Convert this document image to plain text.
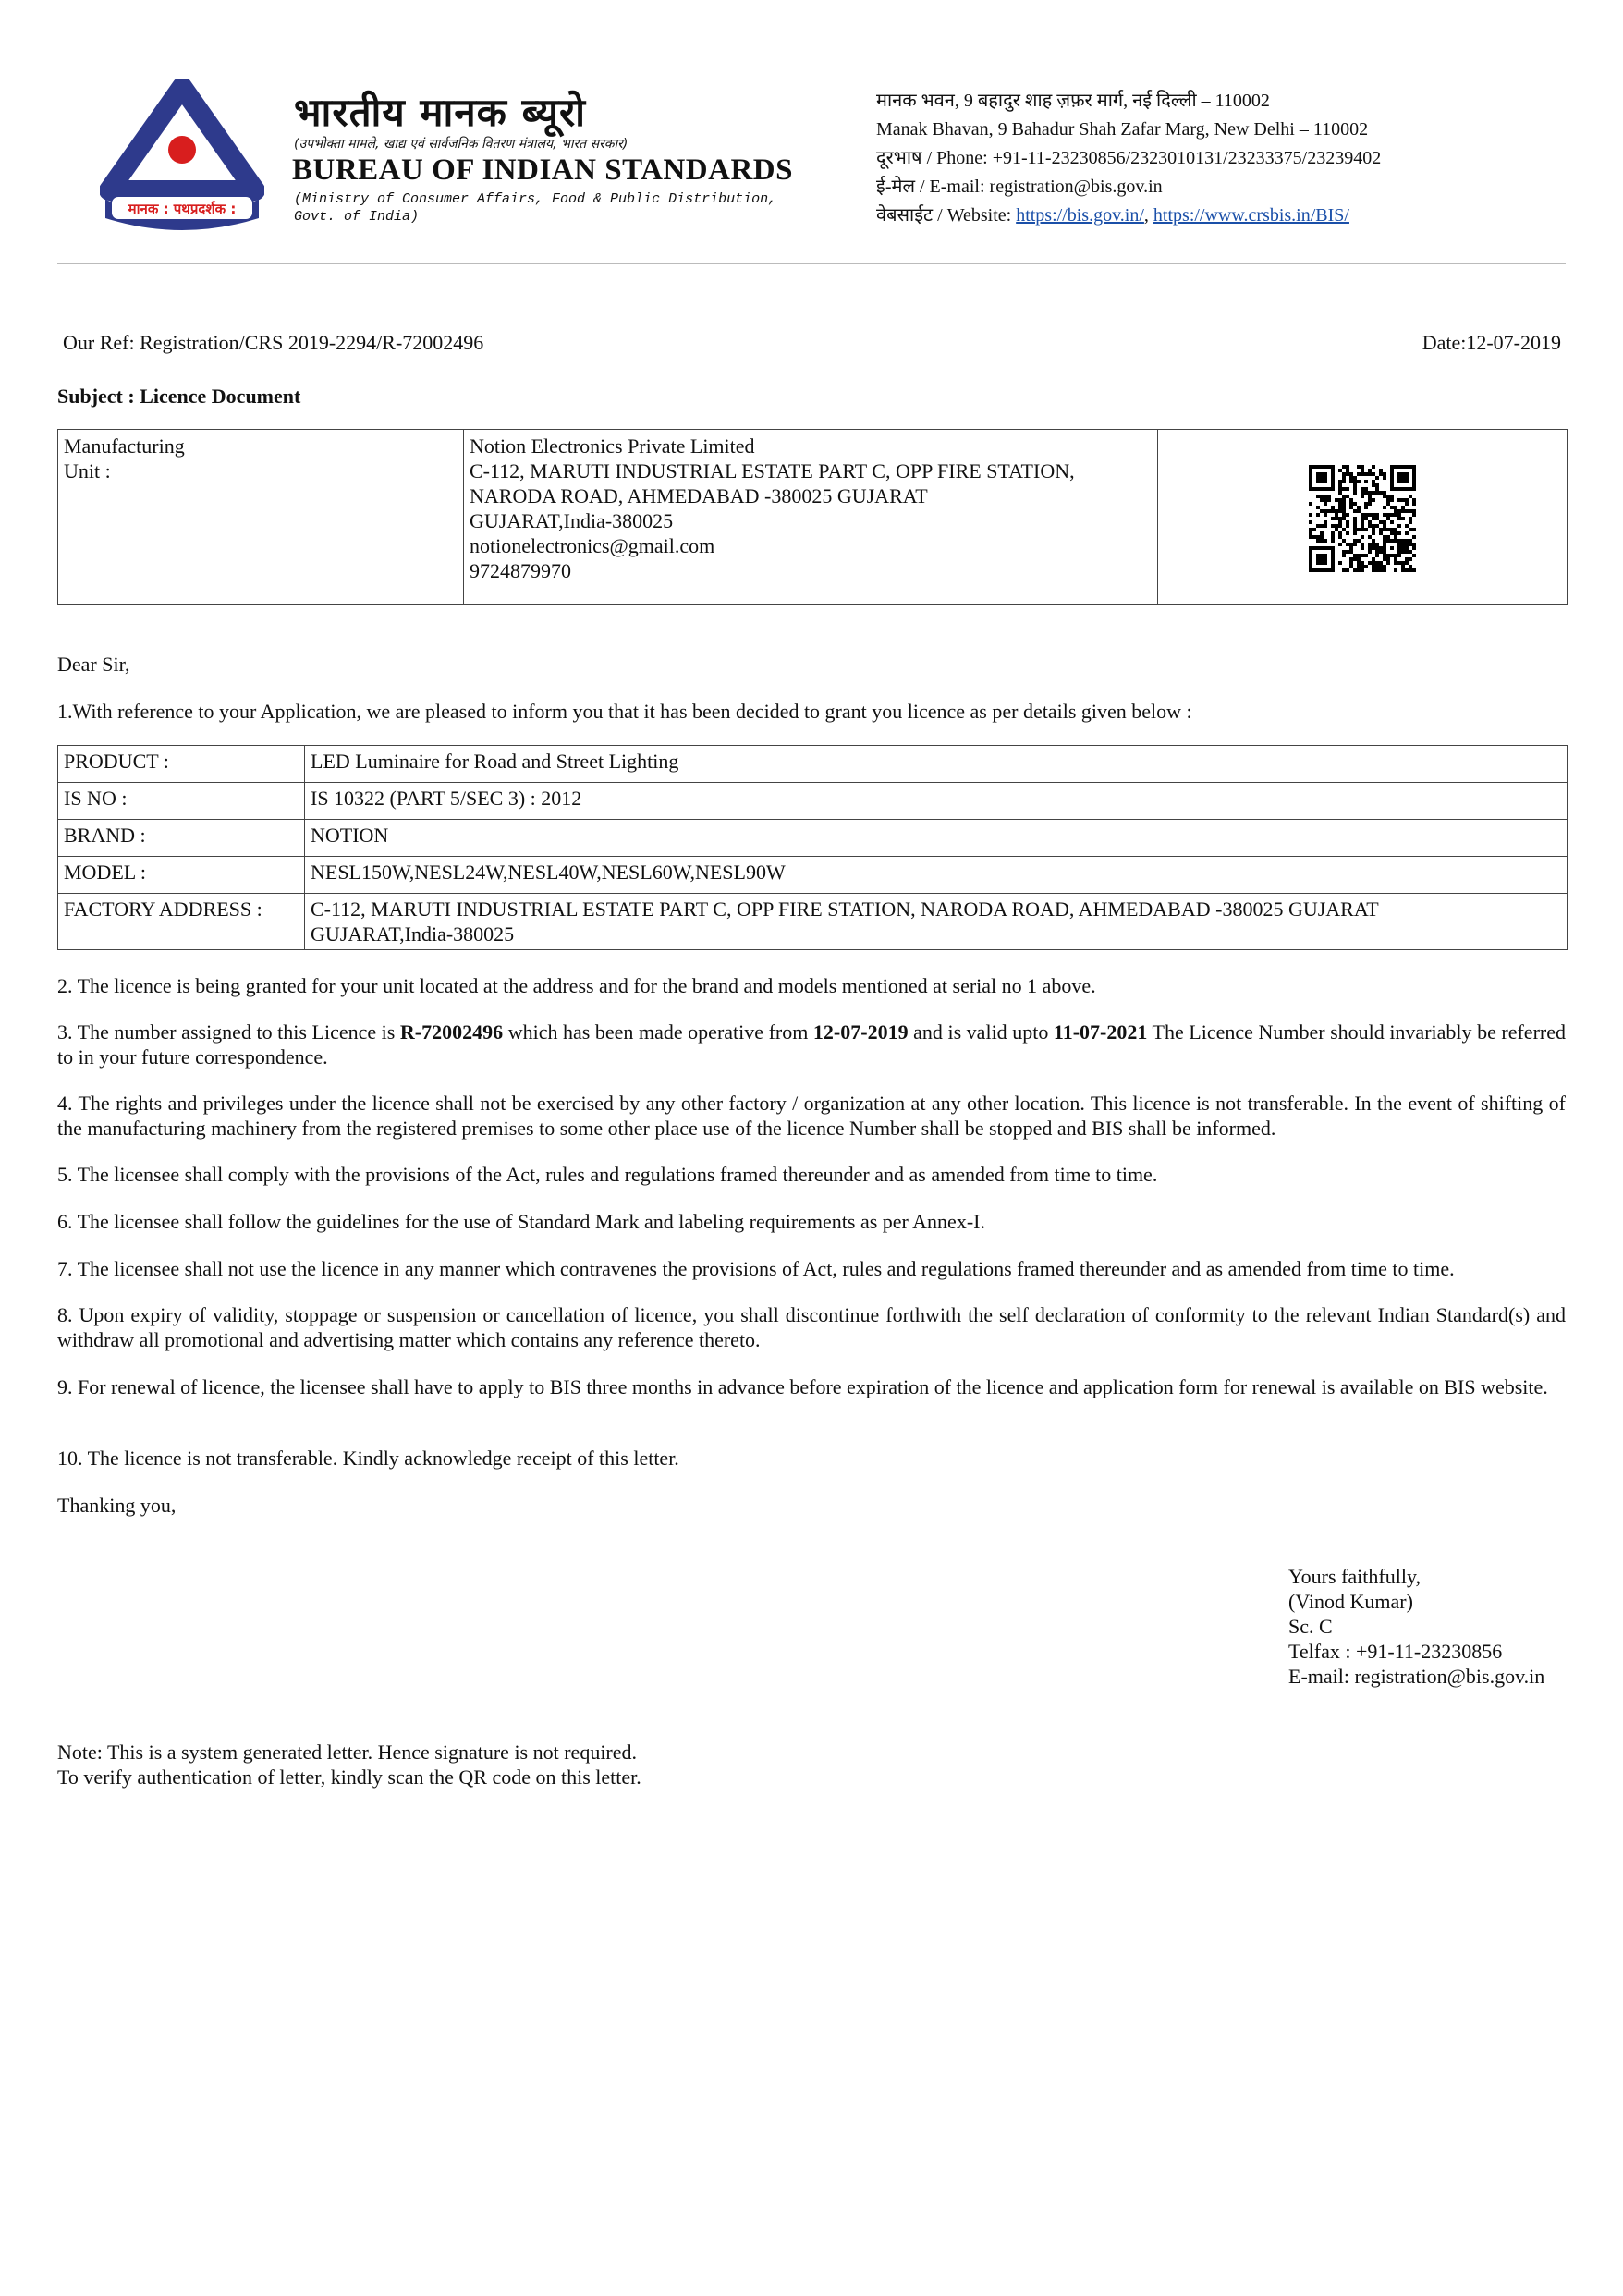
मानक : पथप्रदर्शक :
भारतीय मानक ब्यूरो
(उपभोक्ता मामले, खाद्य एवं सार्वजनिक वितरण मंत्रालय, भारत सरकार)
BUREAU OF INDIAN STANDARDS
(Ministry of Consumer Affairs, Food & Public Distribution,
Govt. of India)
मानक भवन, 9 बहादुर शाह ज़फ़र मार्ग, नई दिल्ली – 110002
Manak Bhavan, 9 Bahadur Shah Zafar Marg, New Delhi – 110002
दूरभाष / Phone: +91-11-23230856/2323010131/23233375/23239402
ई-मेल / E-mail: registration@bis.gov.in
वेबसाईट / Website: https://bis.gov.in/, https://www.crsbis.in/BIS/
Our Ref: Registration/CRS 2019-2294/R-72002496	Date:12-07-2019
Subject : Licence Document
Manufacturing
Unit :

Notion Electronics Private Limited
C-112, MARUTI INDUSTRIAL ESTATE PART C, OPP FIRE STATION,
NARODA ROAD, AHMEDABAD -380025 GUJARAT
GUJARAT,India-380025
notionelectronics@gmail.com
9724879970

Dear Sir,
1.With reference to your Application, we are pleased to inform you that it has been decided to grant you licence as per details given below :
PRODUCT :	LED Luminaire for Road and Street Lighting
IS NO :	IS 10322 (PART 5/SEC 3) : 2012
BRAND :	NOTION
MODEL :	NESL150W,NESL24W,NESL40W,NESL60W,NESL90W
FACTORY ADDRESS :	C-112, MARUTI INDUSTRIAL ESTATE PART C, OPP FIRE STATION, NARODA ROAD, AHMEDABAD -380025 GUJARAT
GUJARAT,India-380025
2. The licence is being granted for your unit located at the address and for the brand and models mentioned at serial no 1 above.
3. The number assigned to this Licence is R-72002496 which has been made operative from 12-07-2019 and is valid upto 11-07-2021 The Licence Number should invariably be referred to in your future correspondence.
4. The rights and privileges under the licence shall not be exercised by any other factory / organization at any other location. This licence is not transferable. In the event of shifting of the manufacturing machinery from the registered premises to some other place use of the licence Number shall be stopped and BIS shall be informed.
5. The licensee shall comply with the provisions of the Act, rules and regulations framed thereunder and as amended from time to time.
6. The licensee shall follow the guidelines for the use of Standard Mark and labeling requirements as per Annex-I.
7. The licensee shall not use the licence in any manner which contravenes the provisions of Act, rules and regulations framed thereunder and as amended from time to time.
8. Upon expiry of validity, stoppage or suspension or cancellation of licence, you shall discontinue forthwith the self declaration of conformity to the relevant Indian Standard(s) and withdraw all promotional and advertising matter which contains any reference thereto.
9. For renewal of licence, the licensee shall have to apply to BIS three months in advance before expiration of the licence and application form for renewal is available on BIS website.
10. The licence is not transferable. Kindly acknowledge receipt of this letter.
Thanking you,
Yours faithfully,
(Vinod Kumar)
Sc. C
Telfax : +91-11-23230856
E-mail: registration@bis.gov.in
Note: This is a system generated letter. Hence signature is not required.
To verify authentication of letter, kindly scan the QR code on this letter.
